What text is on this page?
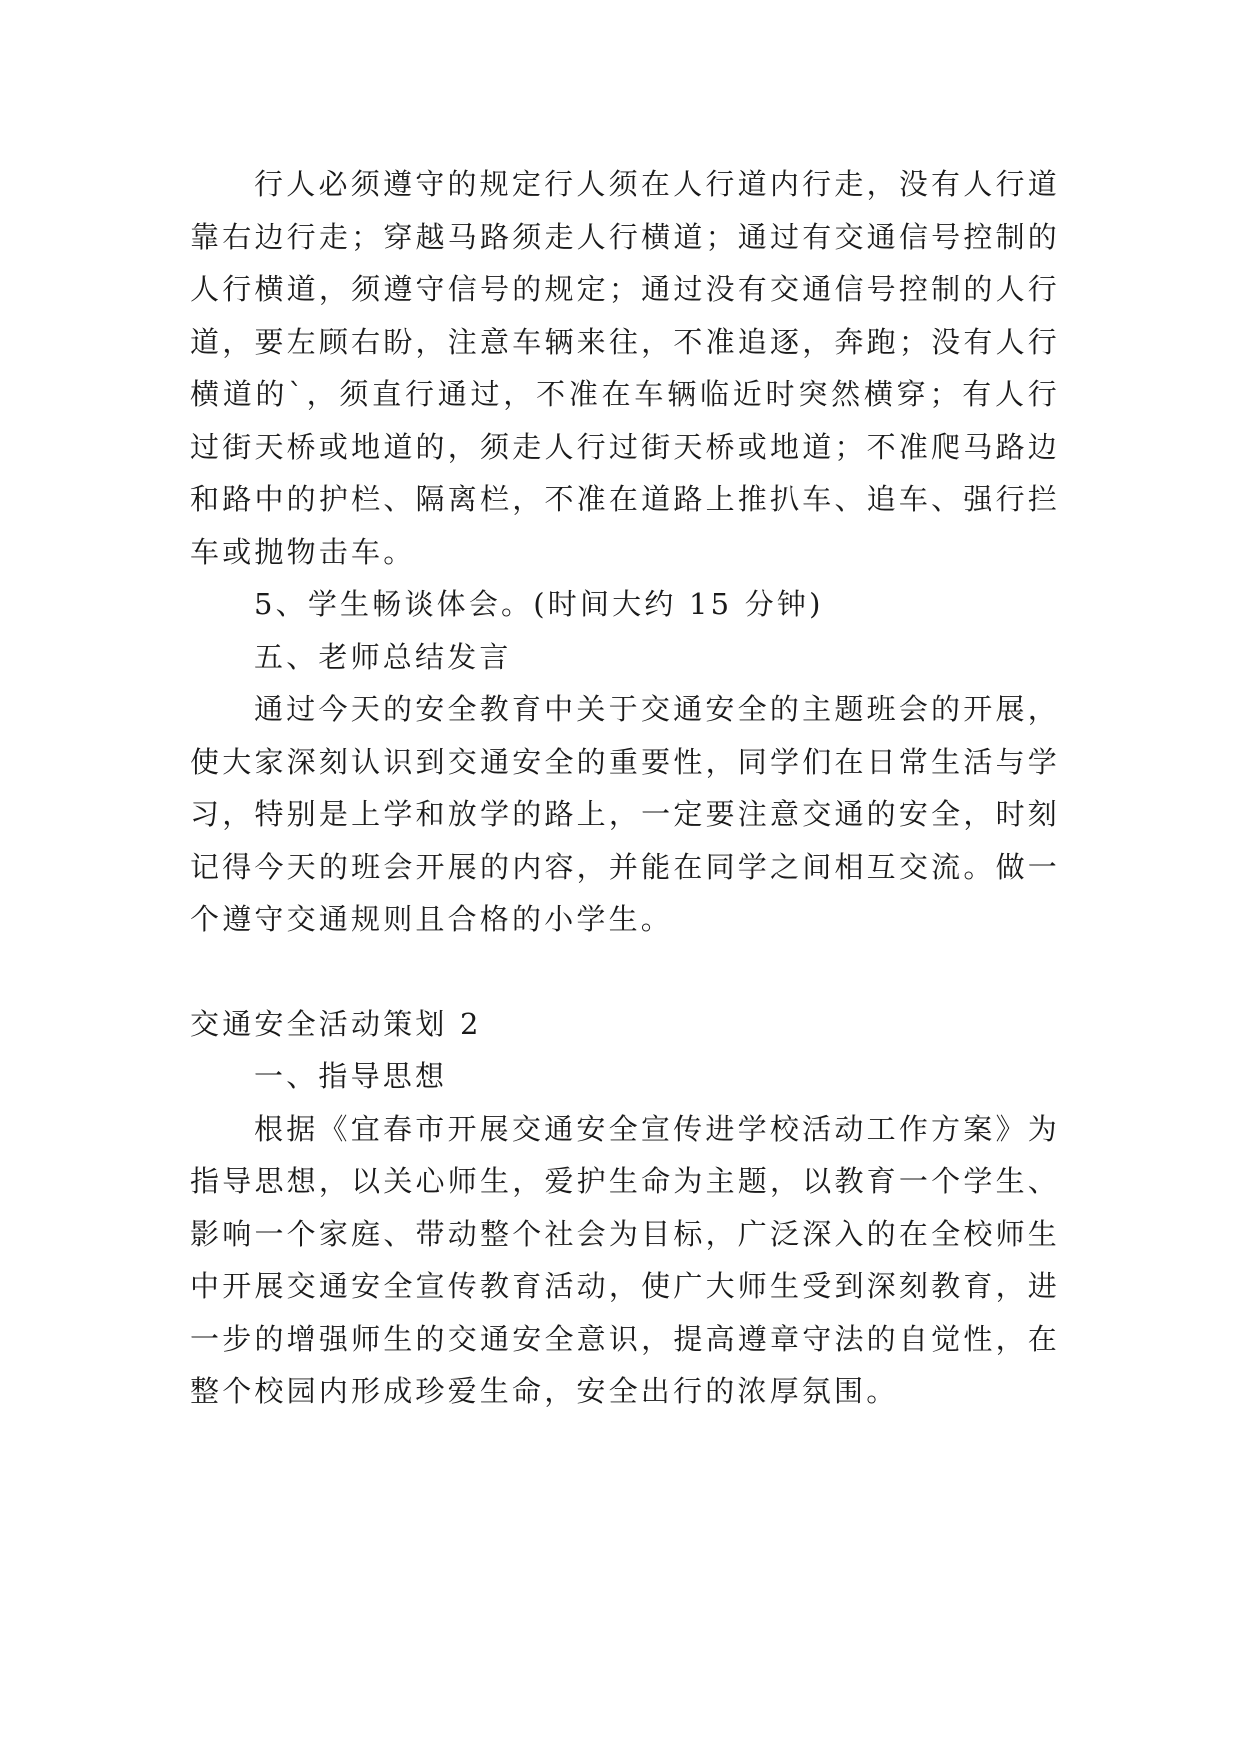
行人必须遵守的规定行人须在人行道内行走，没有人行道靠右边行走；穿越马路须走人行横道；通过有交通信号控制的人行横道，须遵守信号的规定；通过没有交通信号控制的人行道，要左顾右盼，注意车辆来往，不准追逐，奔跑；没有人行横道的`，须直行通过，不准在车辆临近时突然横穿；有人行过街天桥或地道的，须走人行过街天桥或地道；不准爬马路边和路中的护栏、隔离栏，不准在道路上推扒车、追车、强行拦车或抛物击车。

5、学生畅谈体会。(时间大约 15 分钟)

五、老师总结发言

通过今天的安全教育中关于交通安全的主题班会的开展，使大家深刻认识到交通安全的重要性，同学们在日常生活与学习，特别是上学和放学的路上，一定要注意交通的安全，时刻记得今天的班会开展的内容，并能在同学之间相互交流。做一个遵守交通规则且合格的小学生。

交通安全活动策划 2

一、指导思想

根据《宜春市开展交通安全宣传进学校活动工作方案》为指导思想，以关心师生，爱护生命为主题，以教育一个学生、影响一个家庭、带动整个社会为目标，广泛深入的在全校师生中开展交通安全宣传教育活动，使广大师生受到深刻教育，进一步的增强师生的交通安全意识，提高遵章守法的自觉性，在整个校园内形成珍爱生命，安全出行的浓厚氛围。
